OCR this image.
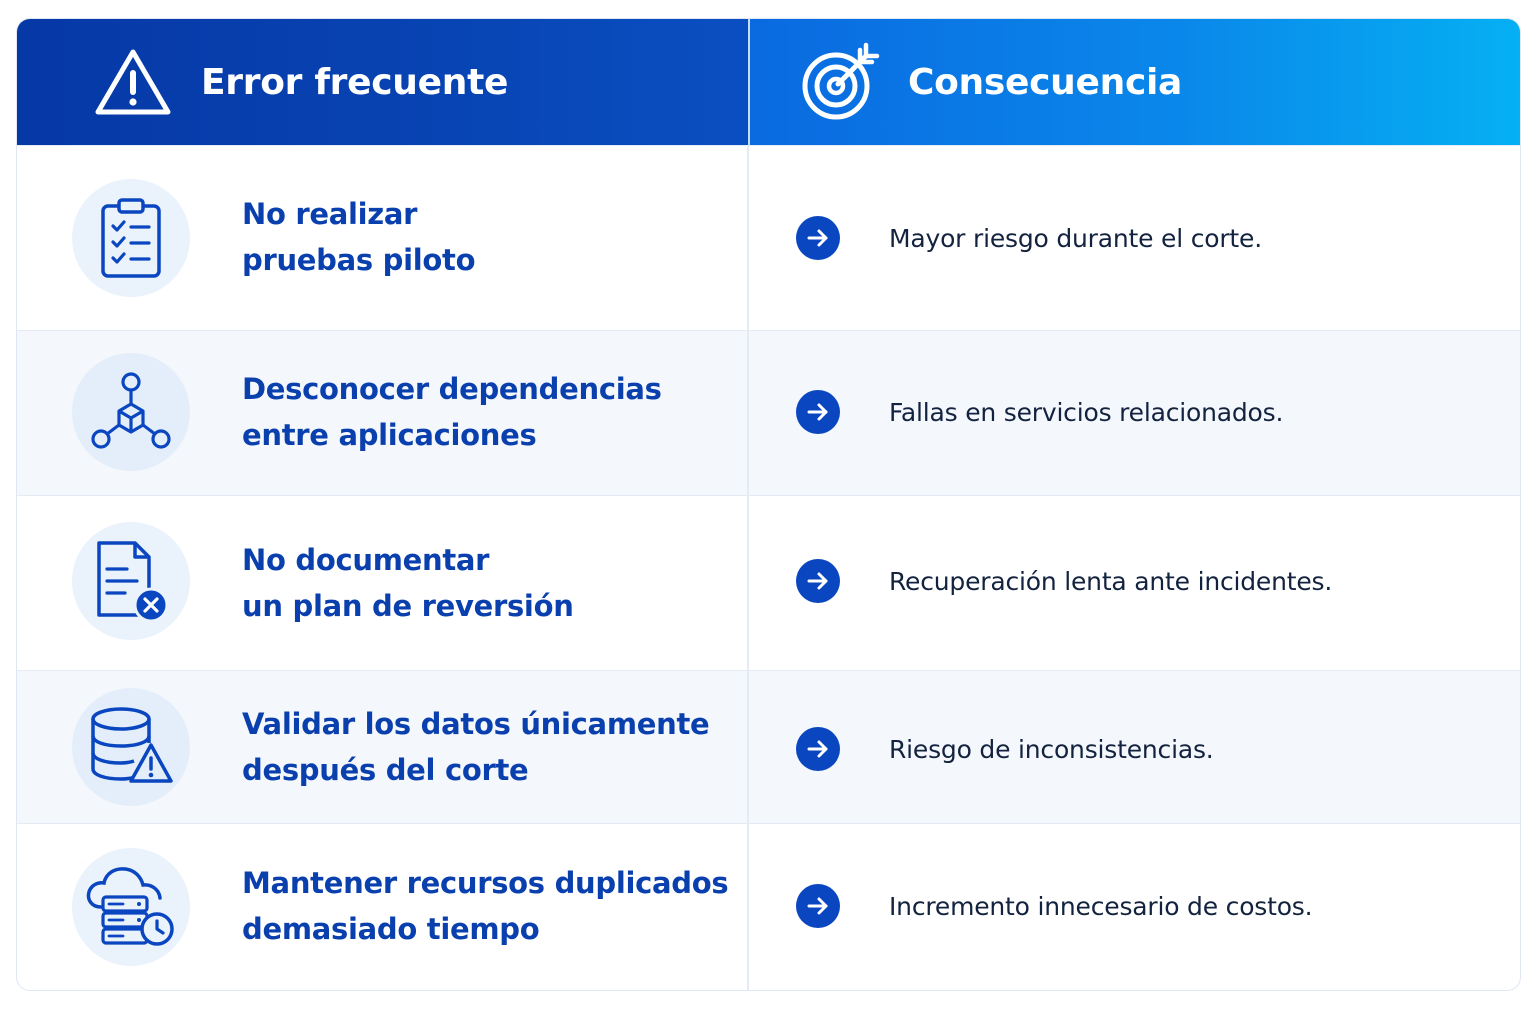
Error frecuente	Consecuencia
No realizar
pruebas piloto
Mayor riesgo durante el corte.
Desconocer dependencias
entre aplicaciones
Fallas en servicios relacionados.
No documentar
un plan de reversión
Recuperación lenta ante incidentes.
Validar los datos únicamente
después del corte
Riesgo de inconsistencias.
Mantener recursos duplicados
demasiado tiempo
Incremento innecesario de costos.
